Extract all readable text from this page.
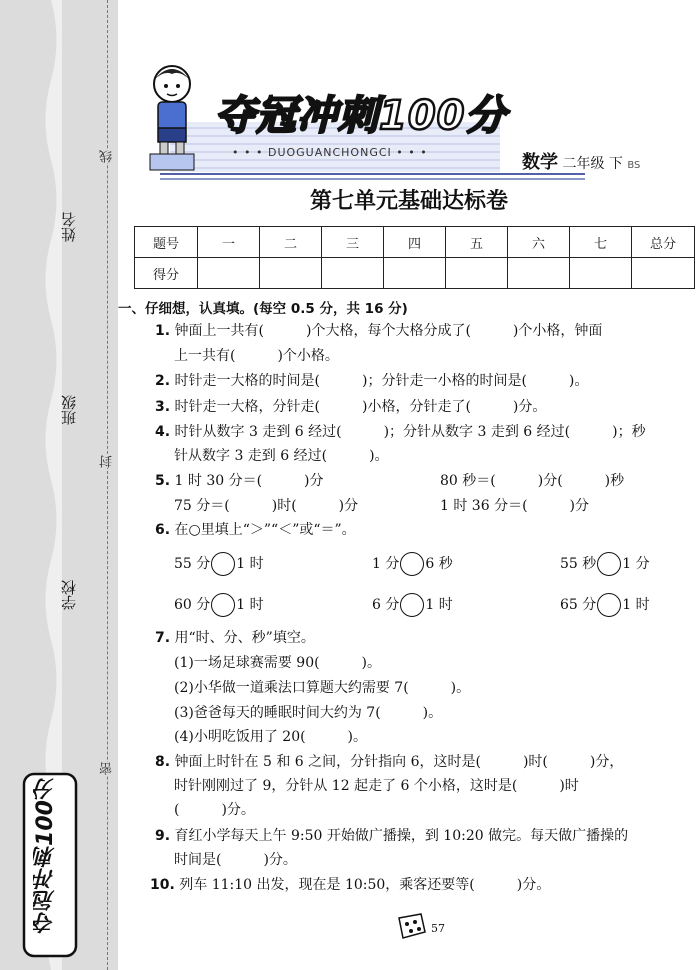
姓名
班级
学校
线
封
密
夺冠冲刺100分
夺冠冲刺100分
• • • DUOGUANCHONGCI • • •	数学 二年级 下 BS
第七单元基础达标卷
题号	一	二	三	四	五	六	七	总分
得分								
一、仔细想，认真填。(每空 0.5 分，共 16 分)
1. 钟面上一共有(　　　)个大格，每个大格分成了(　　　)个小格，钟面
上一共有(　　　)个小格。
2. 时针走一大格的时间是(　　　)；分针走一小格的时间是(　　　)。
3. 时针走一大格，分针走(　　　)小格，分针走了(　　　)分。
4. 时针从数字 3 走到 6 经过(　　　)；分针从数字 3 走到 6 经过(　　　)；秒
针从数字 3 走到 6 经过(　　　)。
5. 1 时 30 分＝(　　　)分	80 秒＝(　　　)分(　　　)秒
75 分＝(　　　)时(　　　)分	1 时 36 分＝(　　　)分
6. 在○里填上“＞”“＜”或“＝”。
55 分 1 时	1 分 6 秒	55 秒 1 分
60 分 1 时	6 分 1 时	65 分 1 时
7. 用“时、分、秒”填空。
(1)一场足球赛需要 90(　　　)。
(2)小华做一道乘法口算题大约需要 7(　　　)。
(3)爸爸每天的睡眠时间大约为 7(　　　)。
(4)小明吃饭用了 20(　　　)。
8. 钟面上时针在 5 和 6 之间，分针指向 6，这时是(　　　)时(　　　)分，
时针刚刚过了 9，分针从 12 起走了 6 个小格，这时是(　　　)时
(　　　)分。
9. 育红小学每天上午 9:50 开始做广播操，到 10:20 做完。每天做广播操的
时间是(　　　)分。
10. 列车 11:10 出发，现在是 10:50，乘客还要等(　　　)分。
57
